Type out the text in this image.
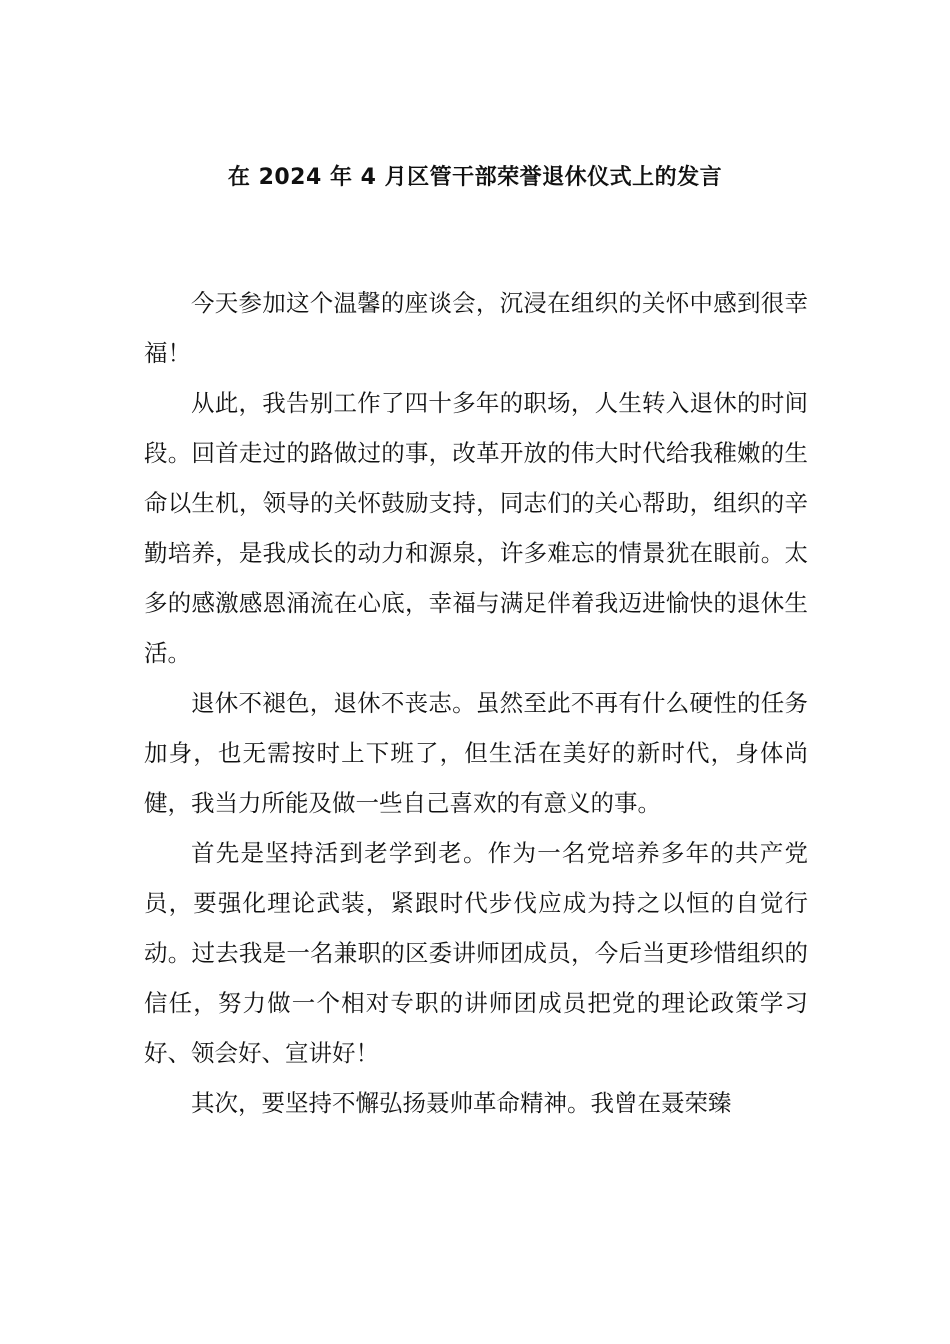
在 2024 年 4 月区管干部荣誉退休仪式上的发言

今天参加这个温馨的座谈会，沉浸在组织的关怀中感到很幸福！

从此，我告别工作了四十多年的职场，人生转入退休的时间段。回首走过的路做过的事，改革开放的伟大时代给我稚嫩的生命以生机，领导的关怀鼓励支持，同志们的关心帮助，组织的辛勤培养，是我成长的动力和源泉，许多难忘的情景犹在眼前。太多的感激感恩涌流在心底，幸福与满足伴着我迈进愉快的退休生活。

退休不褪色，退休不丧志。虽然至此不再有什么硬性的任务加身，也无需按时上下班了，但生活在美好的新时代，身体尚健，我当力所能及做一些自己喜欢的有意义的事。

首先是坚持活到老学到老。作为一名党培养多年的共产党员，要强化理论武装，紧跟时代步伐应成为持之以恒的自觉行动。过去我是一名兼职的区委讲师团成员，今后当更珍惜组织的信任，努力做一个相对专职的讲师团成员把党的理论政策学习好、领会好、宣讲好！

其次，要坚持不懈弘扬聂帅革命精神。我曾在聂荣臻
